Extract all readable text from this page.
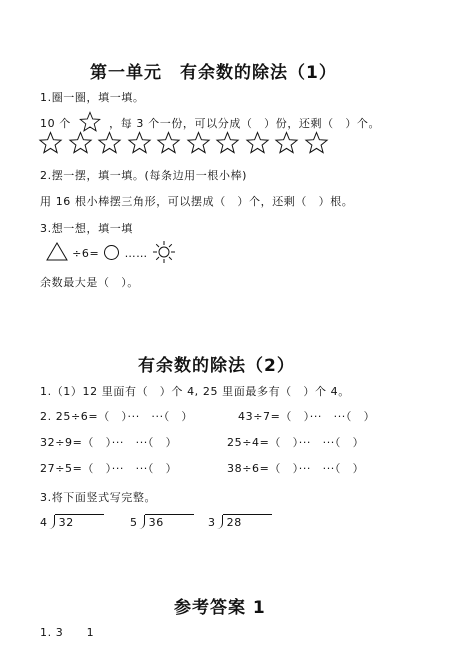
第一单元　有余数的除法（1）
1.圈一圈，填一填。
10 个	，每 3 个一份，可以分成（　）份，还剩（　）个。
2.摆一摆，填一填。(每条边用一根小棒)
用 16 根小棒摆三角形，可以摆成（　）个，还剩（　）根。
3.想一想，填一填
÷6= ……
余数最大是（　）。
有余数的除法（2）
1.（1）12 里面有（　）个 4, 25 里面最多有（　）个 4。
2. 25÷6=（　）···　···（　）	43÷7=（　）···　···（　）
32÷9=（　）···　···（　）	25÷4=（　）···　···（　）
27÷5=（　）···　···（　）	38÷6=（　）···　···（　）
3.将下面竖式写完整。
4 32	5 36	3 28
参考答案 1
1. 3　　1
